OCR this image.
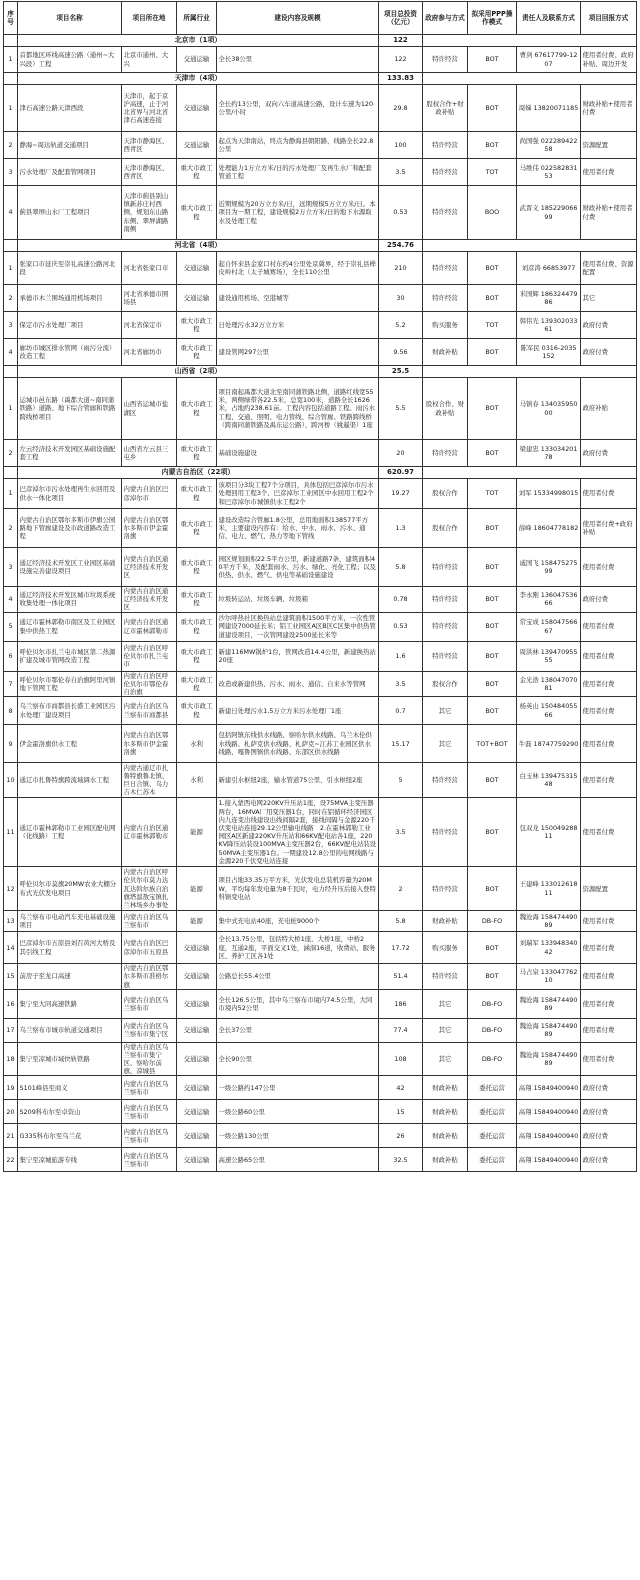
序号	项目名称	项目所在地	所属行业	建设内容及规模	项目总投资（亿元）	政府参与方式	拟采用PPP操作模式	责任人及联系方式	项目回报方式
	北京市（1项）				122				
1	首都地区环线高速公路（通州~大兴段）工程	北京市通州、大兴	交通运输	全长38公里	122	特许经营	BOT	曹剑 67617799-1207	使用者付费、政府补贴、周边开发
	天津市（4项）				133.83				
1	津石高速公路天津西段	天津市，起于京沪高速，止于河北省界与河北省津石高速连接	交通运输	全长约13公里，双向六车道高速公路，设计车速为120公里/小时	29.8	股权合作+财政补贴	BOT	周娣 13820071185	财政补贴+使用者付费
2	静海~周达轨道交通项目	天津市静海区、西青区	交通运输	起点为天津南站，终点为静海县朝阳路，线路全长22.8公里	100	特许经营	BOT	尚国强 02228942258	资源配置
3	污水处理厂及配套管网项目	天津市静海区、西青区	重大市政工程	处理能力1万立方米/日的污水处理厂及再生水厂和配套管道工程	3.5	特许经营	TOT	马维伟 02258283153	使用者付费
4	蓟县翠屏山水厂工程项目	天津市蓟县别山镇新苏庄村西侧，规划东山路东侧、翠屏湖路南侧	重大市政工程	近期规模为20万立方米/日，远期规模5万立方米/日。本项目为一期工程，建设规模2万立方米/日的地下水源取水及处理工程	0.53	特许经营	BOO	武晋义 18522906699	财政补贴+使用者付费
	河北省（4项）				254.76				
1	张家口市延庆至崇礼高速公路河北段	河北省张家口市	交通运输	起自怀来县金家口村东约4公里处京冀界，经于崇礼县桦皮岭村北（太子城赛场），全长110公里	210	特许经营	BOT	刘彦涛 66853977	使用者付费、资源配置
2	承德市木兰围场通用机场项目	河北省承德市围场县	交通运输	建设通用机场、空港城等	30	特许经营	BOT	米国辉 18632447986	其它
3	保定市污水处理厂项目	河北省保定市	重大市政工程	日处理污水32万立方米	5.2	购买服务	TOT	韩伟光 13930203361	政府付费
4	廊坊市城区排水管网（雨污分流）改造工程	河北省廊坊市	重大市政工程	建设管网297公里	9.56	财政补贴	BOT	陈军民 0316-2035152	政府付费
	山西省（2项）				25.5				
1	运城市邑东路（禹都大道~南同蒲铁路）道路、地下综合管廊和铁路跨线桥项目	山西省运城市盐湖区	重大市政工程	项目南起禹都大道北至南同蒲铁路北侧，道路红线宽55米，两侧绿带各22.5米，总宽100米，道路全长1626米，占地约238.61亩。工程内容包括道路工程、雨污水工程、交通、照明、电力管线、综合管廊、铁路跨线桥（跨南同蒲铁路及禹东运公路）、跨河桥（姚暹渠）1座	5.5	股权合作、财政补贴	BOT	马镇春 13403595000	政府补贴
2	左云经济技术开发园区基础设施配套工程	山西省左云县三屯乡	重大市政工程	基础设施建设	20	特许经营	BOT	梁建忠 13303420178	政府付费
	内蒙古自治区（22项）				620.97				
1	巴彦淖尔市污水处理再生水回用及供水一体化项目	内蒙古自治区巴彦淖尔市	重大市政工程	该项目分3块工程7个分项目，具体包括巴彦淖尔市污水处理回用工程3个、巴彦淖尔工业园区中水回用工程2个和巴彦淖尔市城镇供水工程2个	19.27	股权合作	TOT	刘军 15334998015	使用者付费
2	内蒙古自治区鄂尔多斯市伊旗公园路地下管廊建设及市政道路改造工程	内蒙古自治区鄂尔多斯市伊金霍洛旗	重大市政工程	建设改造综合管廊1.8公里，总用地面积138577平方米，主要建设内容有：给水、中水、雨水、污水、通信、电力、燃气、热力等地下管线	1.3	股权合作	BOT	薛峰 18604778182	使用者付费+政府补贴
3	通辽经济技术开发区工业园区基础设施完善建设项目	内蒙古自治区通辽经济技术开发区	重大市政工程	园区规划面积22.5平方公里，新建道路7条，建筑面积40平方千米，及配套雨水、污水、绿化、亮化工程；以及供热、供水、燃气、供电等基础设施建设	5.8	特许经营	BOT	戚国飞 15847527599	使用者付费
4	通辽经济技术开发区城市垃圾系统收集处理一体化项目	内蒙古自治区通辽经济技术开发区	重大市政工程	垃圾转运站、垃圾车辆、垃圾箱	0.78	特许经营	BOT	李永刚 13604753666	政府付费
5	通辽市霍林郭勒市南区及工业园区集中供热工程	内蒙古自治区通辽市霍林郭勒市	重大市政工程	沙尔呼热社区换热站总建筑面积1500平方米，一次性管网建设7000延长米；铝工业园区A区B区C区集中供热管道建设项目，一次管网建设2500延长米等	0.53	特许经营	BOT	常宝成 15804756667	使用者付费
6	呼伦贝尔市扎兰屯市城区第二热源扩建及城市管网改造工程	内蒙古自治区呼伦贝尔市扎兰屯市	重大市政工程	新建116MW锅炉1台，管网改造14.4公里，新建换热站20座	1.6	特许经营	BOT	周洪林 13947095555	使用者付费
7	呼伦贝尔市鄂伦春自治旗阿里河镇地下管网工程	内蒙古自治区呼伦贝尔市鄂伦春自治旗	重大市政工程	改造或新建供热、污水、雨水、通信、自来水等管网	3.5	股权合作	BOT	金光浩 13804707081	使用者付费
8	乌兰察布市商都县长盛工业园区污水处理厂建设项目	内蒙古自治区乌兰察布市商都县	重大市政工程	新建日处理污水1.5万立方米污水处理厂1座	0.7	其它	BOT	杨英山 15048405566	使用者付费
9	伊金霍洛旗供水工程	内蒙古自治区鄂尔多斯市伊金霍洛旗	水利	包括阿镇东线供水线路、察哈尔供水线路、乌兰木伦供水线路、札萨克供水线路、札萨克~江苏工业园区供水线路、嘎鲁图镇供水线路、东部区供水线路	15.17	其它	TOT+BOT	牛磊 18747759290	使用者付费
10	通辽市扎鲁特旗跨流域调水工程	内蒙古通辽市扎鲁特旗鲁北镇、巨日合镇、乌力吉木仁苏木	水利	新建引水枢纽2座，输水管道75公里，引水枢纽2座	5	特许经营	BOT	白玉林 13947531548	使用者付费
11	通辽市霍林郭勒市工业园区配电网（化线路）工程	内蒙古自治区通辽市霍林郭勒市	能源	1.接入蒙西电网220KV升压站1座，设75MVA主变压器两台，16MVA厂用变压器1台，同时在铝循环经济园区内九连变出线建设出线间隔2套，接线间隔与金源220千伏变电站连接29.12公里输电线路　2.在霍林郭勒工业园区A区新建220KV升压站和66KV配电站各1座，220KV降压站装设100MVA主变压器2台，66KV配电站装设50MVA主变压器1台。一期建设12.8公里的电网线路与金源220千伏变电站连接	3.5	特许经营	BOT	包双龙 15004928811	使用者付费
12	呼伦贝尔市莫旗20MW农业大棚分布式光伏发电项目	内蒙古自治区呼伦贝尔市莫力达瓦达斡尔族自治旗塔温敖宝镇扎兰林场乡办事处	能源	项目占地33.35万平方米，光伏发电总装机容量为20MW，平均每年发电量为8千瓦时，电力经升压后接入登特科镇变电站	2	特许经营	BOT	王建峰 13301261811	资源配置
13	乌兰察布市电动汽车充电基础设施项目	内蒙古自治区乌兰察布市	能源	集中式充电站40座，充电桩9000个	5.8	财政补贴	DB-FO	魏沧海 15847449089	使用者付费
14	巴彦淖尔市五原县刘召黄河大桥及其引线工程	内蒙古自治区巴彦淖尔市五原县	交通运输	全长13.75公里，包括特大桥1座，大桥1座，中桥2座，互通2座，平面交叉1处，涵洞16道，收费站、服务区、养护工区各1处	17.72	购买服务	BOT	刘瑞军 13394834042	使用者付费
15	前房子至龙口高速	内蒙古自治区鄂尔多斯市准格尔旗	交通运输	公路总长55.4公里	51.4	特许经营	BOT	马占泉 13304776210	使用者付费
16	集宁至大同高速铁路	内蒙古自治区乌兰察布市	交通运输	全长126.5公里，其中乌兰察布市境内74.5公里，大同市境内52公里	186	其它	DB-FO	魏沧海 15847449089	使用者付费
17	乌兰察布市城市轨道交通项目	内蒙古自治区乌兰察布市集宁区	交通运输	全长37公里	77.4	其它	DB-FO	魏沧海 15847449089	使用者付费
18	集宁至凉城市域快轨铁路	内蒙古自治区乌兰察布市集宁区、察哈尔前旗、凉城县	交通运输	全长90公里	108	其它	DB-FO	魏沧海 15847449089	使用者付费
19	S101峰县至商义	内蒙古自治区乌兰察布市	交通运输	一级公路约147公里	42	财政补贴	委托运营	高翔 15849400940	政府付费
20	S209科布尔至卓资山	内蒙古自治区乌兰察布市	交通运输	一级公路60公里	15	财政补贴	委托运营	高翔 15849400940	政府付费
21	G335科布尔至乌兰花	内蒙古自治区乌兰察布市	交通运输	一级公路130公里	26	财政补贴	委托运营	高翔 15849400940	政府付费
22	集宁至凉城旅游专线	内蒙古自治区乌兰察布市	交通运输	高速公路65公里	32.5	财政补贴	委托运营	高翔 15849400940	政府付费
